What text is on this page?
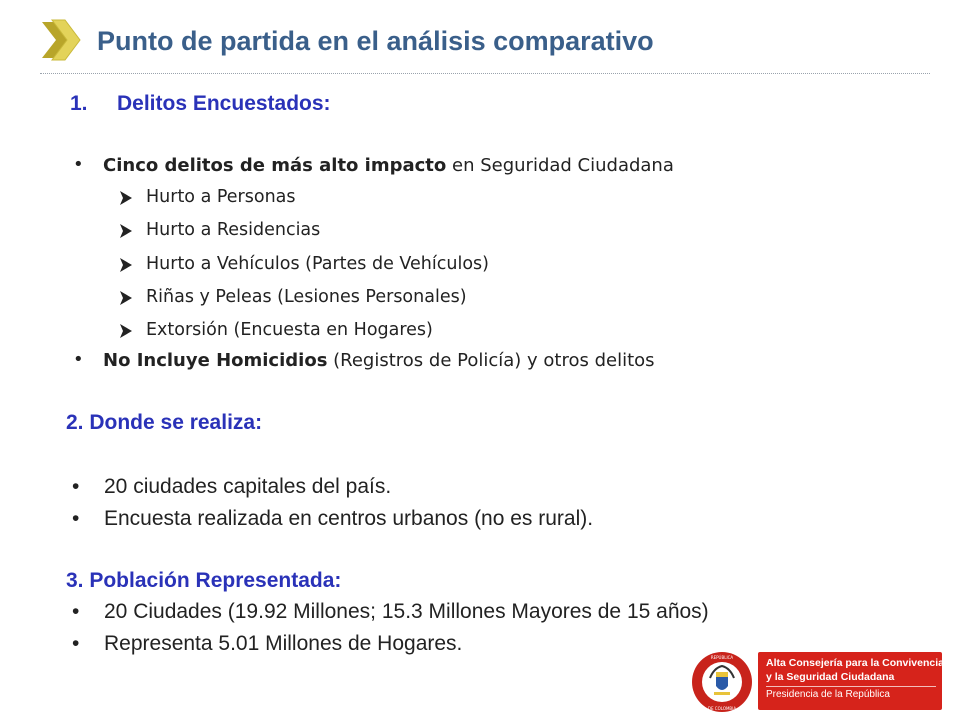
Punto de partida en el análisis comparativo
1. Delitos Encuestados:
• Cinco delitos de más alto impacto en Seguridad Ciudadana
Hurto a Personas
Hurto a Residencias
Hurto a Vehículos (Partes de Vehículos)
Riñas y Peleas (Lesiones Personales)
Extorsión (Encuesta en Hogares)
• No Incluye Homicidios (Registros de Policía) y otros delitos
2. Donde se realiza:
• 20 ciudades capitales del país.
• Encuesta realizada en centros urbanos (no es rural).
3. Población Representada:
• 20 Ciudades (19.92 Millones; 15.3 Millones Mayores de 15 años)
• Representa 5.01 Millones de Hogares.
REPÚBLICA
DE COLOMBIA
Alta Consejería para la Convivencia
y la Seguridad Ciudadana
Presidencia de la República
